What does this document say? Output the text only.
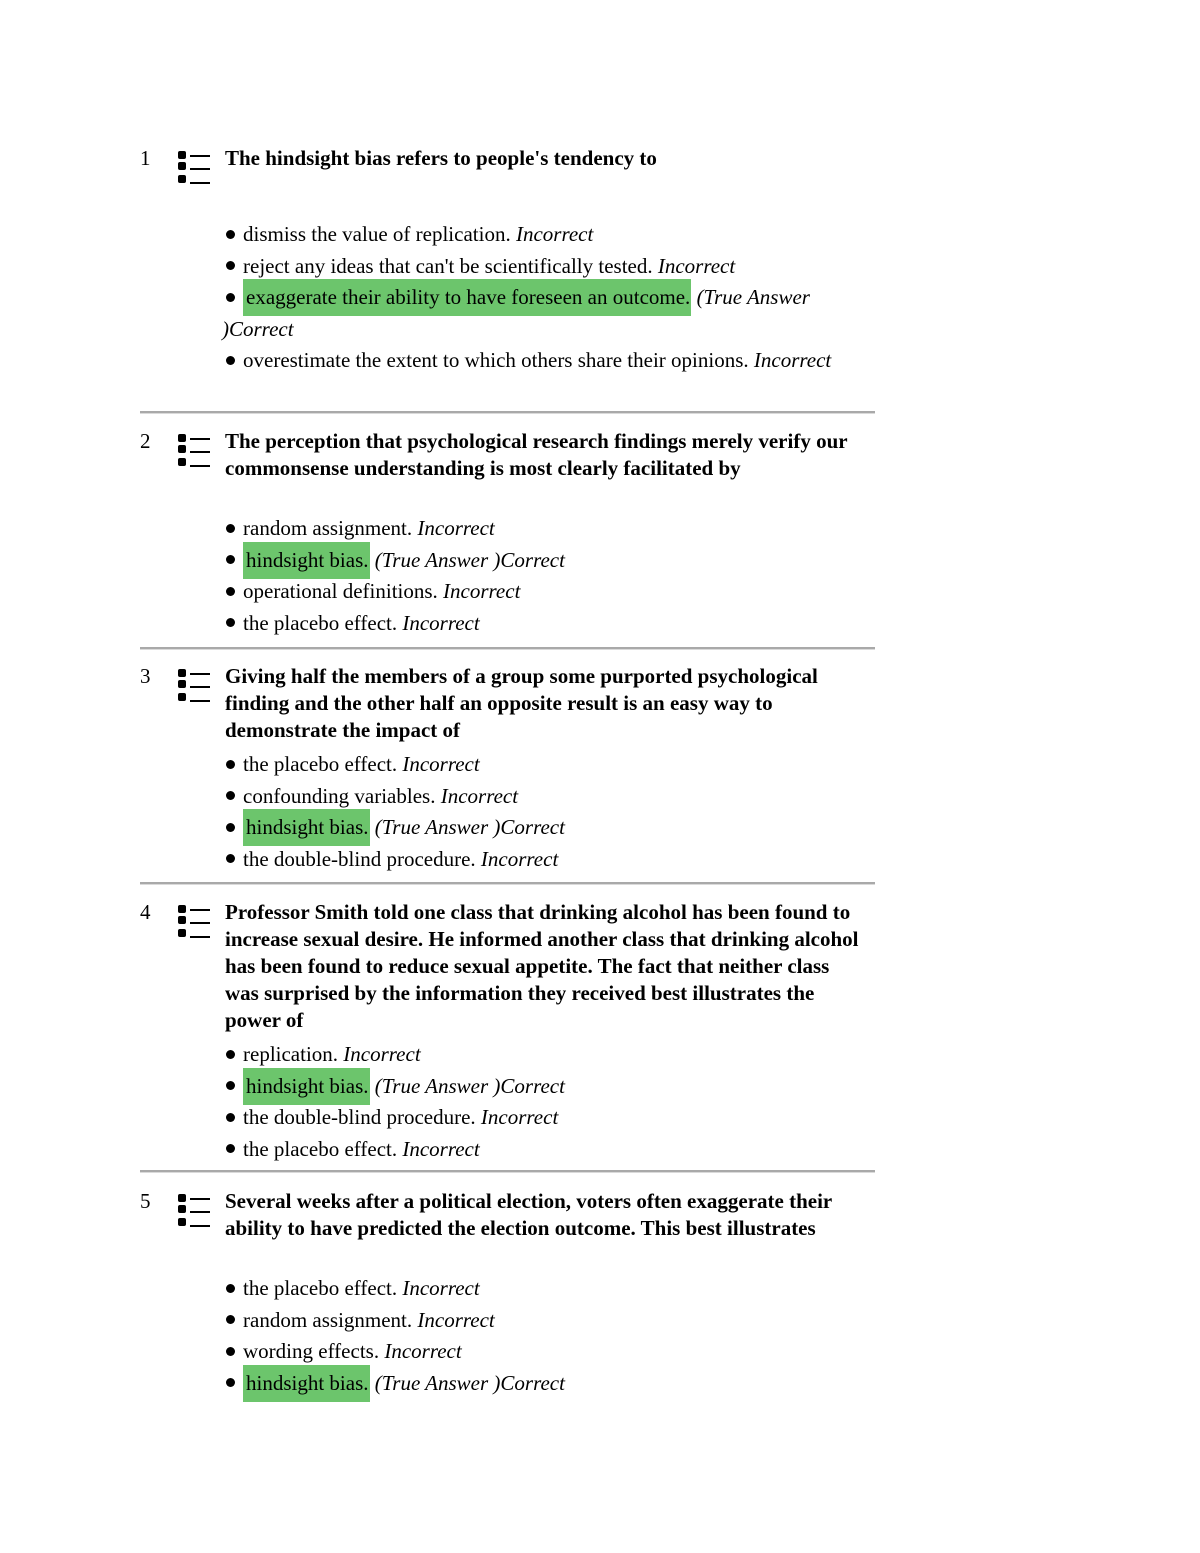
1	The hindsight bias refers to people's tendency to
dismiss the value of replication. Incorrect
reject any ideas that can't be scientifically tested. Incorrect
exaggerate their ability to have foreseen an outcome. (True Answer )Correct
overestimate the extent to which others share their opinions. Incorrect
2	The perception that psychological research findings merely verify our commonsense understanding is most clearly facilitated by
random assignment. Incorrect
hindsight bias. (True Answer )Correct
operational definitions. Incorrect
the placebo effect. Incorrect
3	Giving half the members of a group some purported psychological finding and the other half an opposite result is an easy way to demonstrate the impact of
the placebo effect. Incorrect
confounding variables. Incorrect
hindsight bias. (True Answer )Correct
the double-blind procedure. Incorrect
4	Professor Smith told one class that drinking alcohol has been found to increase sexual desire. He informed another class that drinking alcohol has been found to reduce sexual appetite. The fact that neither class was surprised by the information they received best illustrates the power of
replication. Incorrect
hindsight bias. (True Answer )Correct
the double-blind procedure. Incorrect
the placebo effect. Incorrect
5	Several weeks after a political election, voters often exaggerate their ability to have predicted the election outcome. This best illustrates
the placebo effect. Incorrect
random assignment. Incorrect
wording effects. Incorrect
hindsight bias. (True Answer )Correct
